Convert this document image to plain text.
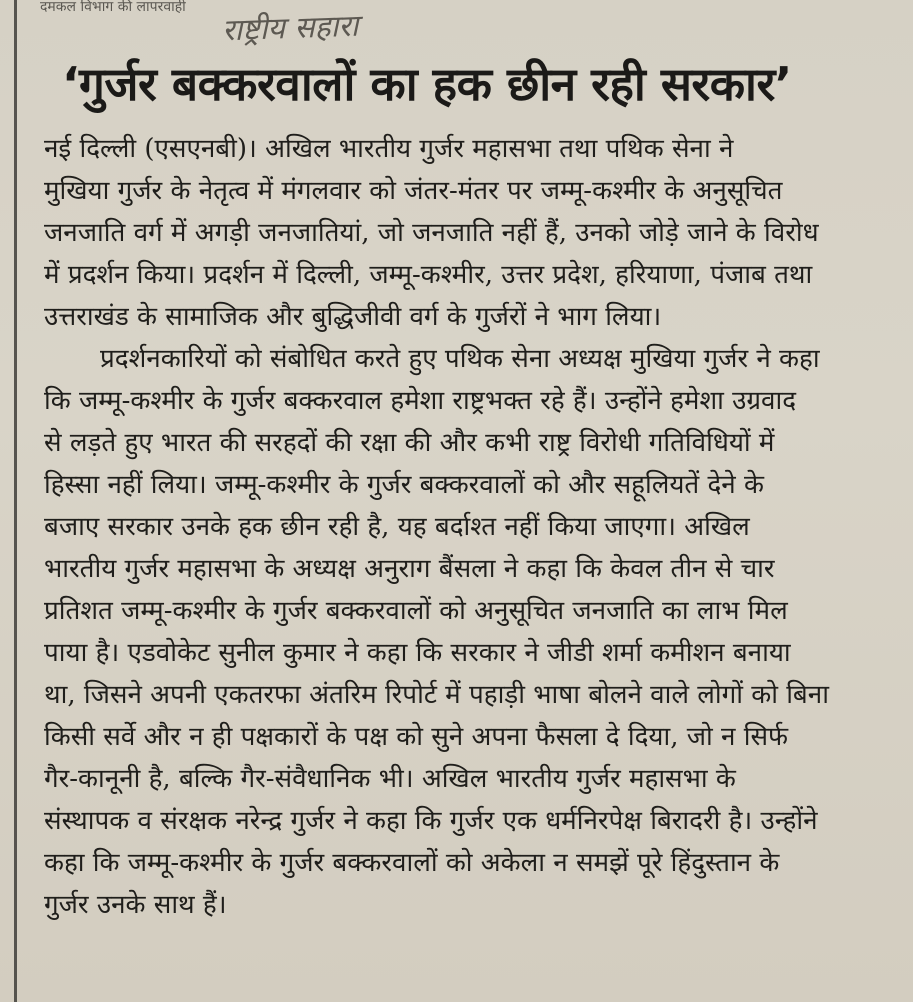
दमकल विभाग की लापरवाही
राष्ट्रीय सहारा
‘गुर्जर बक्करवालों का हक छीन रही सरकार’
नई दिल्ली (एसएनबी)। अखिल भारतीय गुर्जर महासभा तथा पथिक सेना ने
मुखिया गुर्जर के नेतृत्व में मंगलवार को जंतर-मंतर पर जम्मू-कश्मीर के अनुसूचित
जनजाति वर्ग में अगड़ी जनजातियां, जो जनजाति नहीं हैं, उनको जोड़े जाने के विरोध
में प्रदर्शन किया। प्रदर्शन में दिल्ली, जम्मू-कश्मीर, उत्तर प्रदेश, हरियाणा, पंजाब तथा
उत्तराखंड के सामाजिक और बुद्धिजीवी वर्ग के गुर्जरों ने भाग लिया।
प्रदर्शनकारियों को संबोधित करते हुए पथिक सेना अध्यक्ष मुखिया गुर्जर ने कहा
कि जम्मू-कश्मीर के गुर्जर बक्करवाल हमेशा राष्ट्रभक्त रहे हैं। उन्होंने हमेशा उग्रवाद
से लड़ते हुए भारत की सरहदों की रक्षा की और कभी राष्ट्र विरोधी गतिविधियों में
हिस्सा नहीं लिया। जम्मू-कश्मीर के गुर्जर बक्करवालों को और सहूलियतें देने के
बजाए सरकार उनके हक छीन रही है, यह बर्दाश्त नहीं किया जाएगा। अखिल
भारतीय गुर्जर महासभा के अध्यक्ष अनुराग बैंसला ने कहा कि केवल तीन से चार
प्रतिशत जम्मू-कश्मीर के गुर्जर बक्करवालों को अनुसूचित जनजाति का लाभ मिल
पाया है। एडवोकेट सुनील कुमार ने कहा कि सरकार ने जीडी शर्मा कमीशन बनाया
था, जिसने अपनी एकतरफा अंतरिम रिपोर्ट में पहाड़ी भाषा बोलने वाले लोगों को बिना
किसी सर्वे और न ही पक्षकारों के पक्ष को सुने अपना फैसला दे दिया, जो न सिर्फ
गैर-कानूनी है, बल्कि गैर-संवैधानिक भी। अखिल भारतीय गुर्जर महासभा के
संस्थापक व संरक्षक नरेन्द्र गुर्जर ने कहा कि गुर्जर एक धर्मनिरपेक्ष बिरादरी है। उन्होंने
कहा कि जम्मू-कश्मीर के गुर्जर बक्करवालों को अकेला न समझें पूरे हिंदुस्तान के
गुर्जर उनके साथ हैं।
